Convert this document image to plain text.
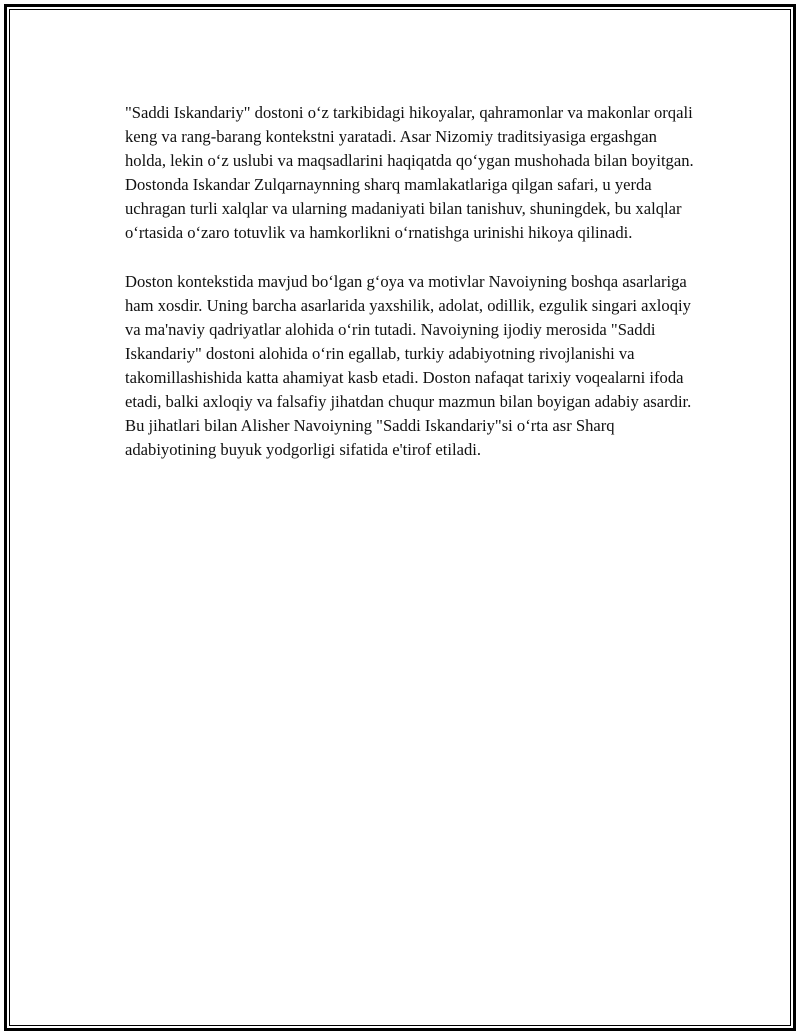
"Saddi Iskandariy" dostoni oʻz tarkibidagi hikoyalar, qahramonlar va makonlar orqali keng va rang-barang kontekstni yaratadi. Asar Nizomiy traditsiyasiga ergashgan holda, lekin oʻz uslubi va maqsadlarini haqiqatda qoʻygan mushohada bilan boyitgan. Dostonda Iskandar Zulqarnaynning sharq mamlakatlariga qilgan safari, u yerda uchragan turli xalqlar va ularning madaniyati bilan tanishuv, shuningdek, bu xalqlar oʻrtasida oʻzaro totuvlik va hamkorlikni oʻrnatishga urinishi hikoya qilinadi.

Doston kontekstida mavjud boʻlgan gʻoya va motivlar Navoiyning boshqa asarlariga ham xosdir. Uning barcha asarlarida yaxshilik, adolat, odillik, ezgulik singari axloqiy va ma'naviy qadriyatlar alohida oʻrin tutadi. Navoiyning ijodiy merosida "Saddi Iskandariy" dostoni alohida oʻrin egallab, turkiy adabiyotning rivojlanishi va takomillashishida katta ahamiyat kasb etadi. Doston nafaqat tarixiy voqealarni ifoda etadi, balki axloqiy va falsafiy jihatdan chuqur mazmun bilan boyigan adabiy asardir. Bu jihatlari bilan Alisher Navoiyning "Saddi Iskandariy"si oʻrta asr Sharq adabiyotining buyuk yodgorligi sifatida e'tirof etiladi.
